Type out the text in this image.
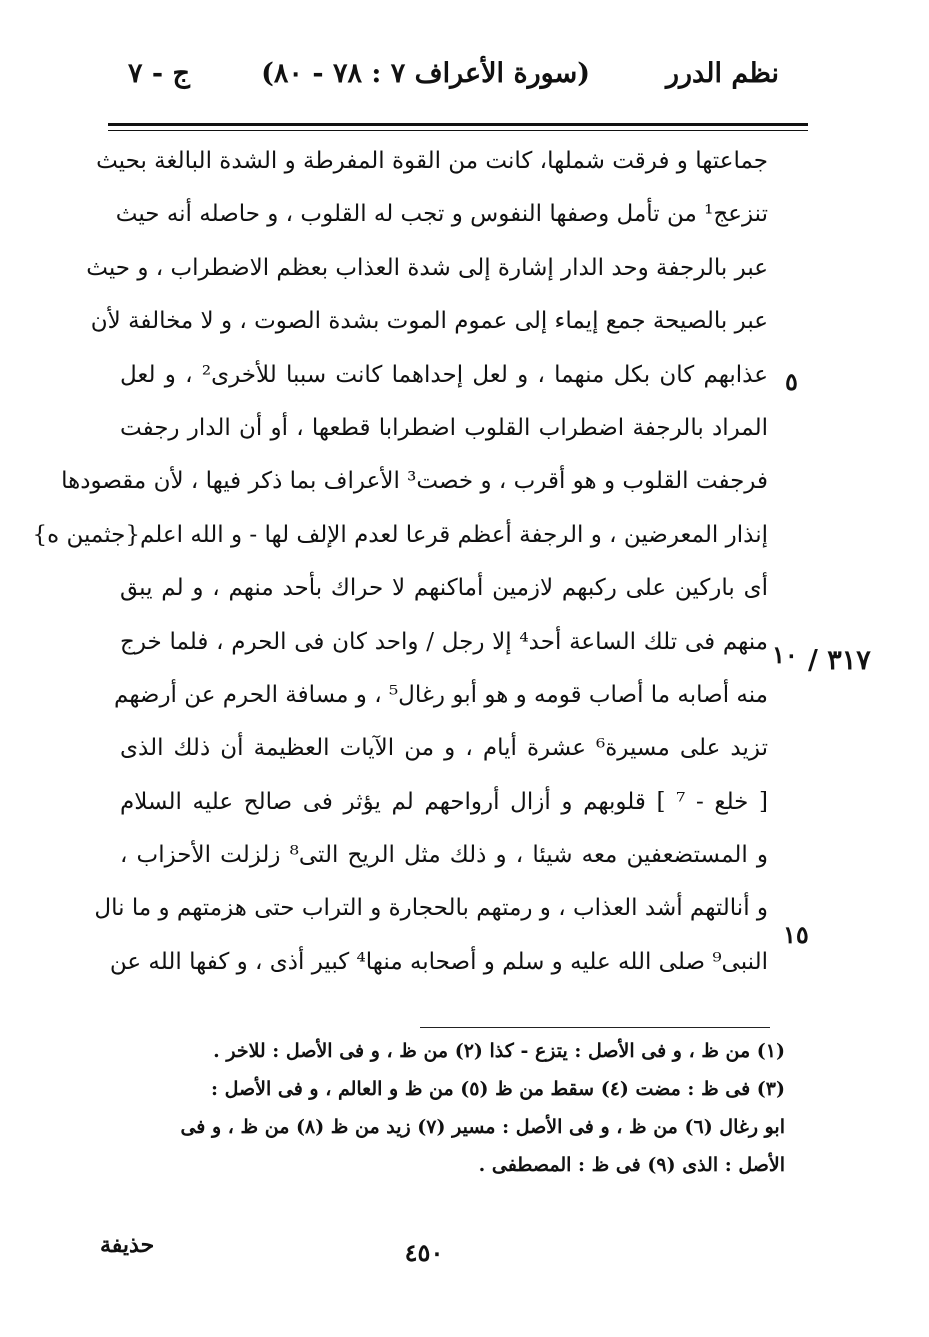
نظم الدرر
(سورة الأعراف ٧ : ٧٨ - ٨٠)
ج - ٧
جماعتها و فرقت شملها، كانت من القوة المفرطة و الشدة البالغة بحيث
تنزعج¹ من تأمل وصفها النفوس و تجب له القلوب ، و حاصله أنه حيث
عبر بالرجفة وحد الدار إشارة إلى شدة العذاب بعظم الاضطراب ، و حيث
عبر بالصيحة جمع إيماء إلى عموم الموت بشدة الصوت ، و لا مخالفة لأن
عذابهم كان بكل منهما ، و لعل إحداهما كانت سببا للأخرى² ، و لعل
المراد بالرجفة اضطراب القلوب اضطرابا قطعها ، أو أن الدار رجفت
فرجفت القلوب و هو أقرب ، و خصت³ الأعراف بما ذكر فيها ، لأن مقصودها
إنذار المعرضين ، و الرجفة أعظم قرعا لعدم الإلف لها - و الله اعلم{جثمين ه}
أى باركين على ركبهم لازمين أماكنهم لا حراك بأحد منهم ، و لم يبق
منهم فى تلك الساعة أحد⁴ إلا رجل / واحد كان فى الحرم ، فلما خرج
منه أصابه ما أصاب قومه و هو أبو رغال⁵ ، و مسافة الحرم عن أرضهم
تزيد على مسيرة⁶ عشرة أيام ، و من الآيات العظيمة أن ذلك الذى
[ خلع - ⁷ ] قلوبهم و أزال أرواحهم لم يؤثر فى صالح عليه السلام
و المستضعفين معه شيئا ، و ذلك مثل الريح التى⁸ زلزلت الأحزاب ،
و أنالتهم أشد العذاب ، و رمتهم بالحجارة و التراب حتى هزمتهم و ما نال
النبى⁹ صلى الله عليه و سلم و أصحابه منها⁴ كبير أذى ، و كفها الله عن
٥
١٠
١٥
٣١٧ /
(١) من ظ ، و فى الأصل : يتزع - كذا (٢) من ظ ، و فى الأصل : للاخر .
(٣) فى ظ : مضت (٤) سقط من ظ (٥) من ظ و العالم ، و فى الأصل :
ابو رغال (٦) من ظ ، و فى الأصل : مسير (٧) زيد من ظ (٨) من ظ ، و فى
الأصل : الذى (٩) فى ظ : المصطفى .
٤٥٠
حذيفة
